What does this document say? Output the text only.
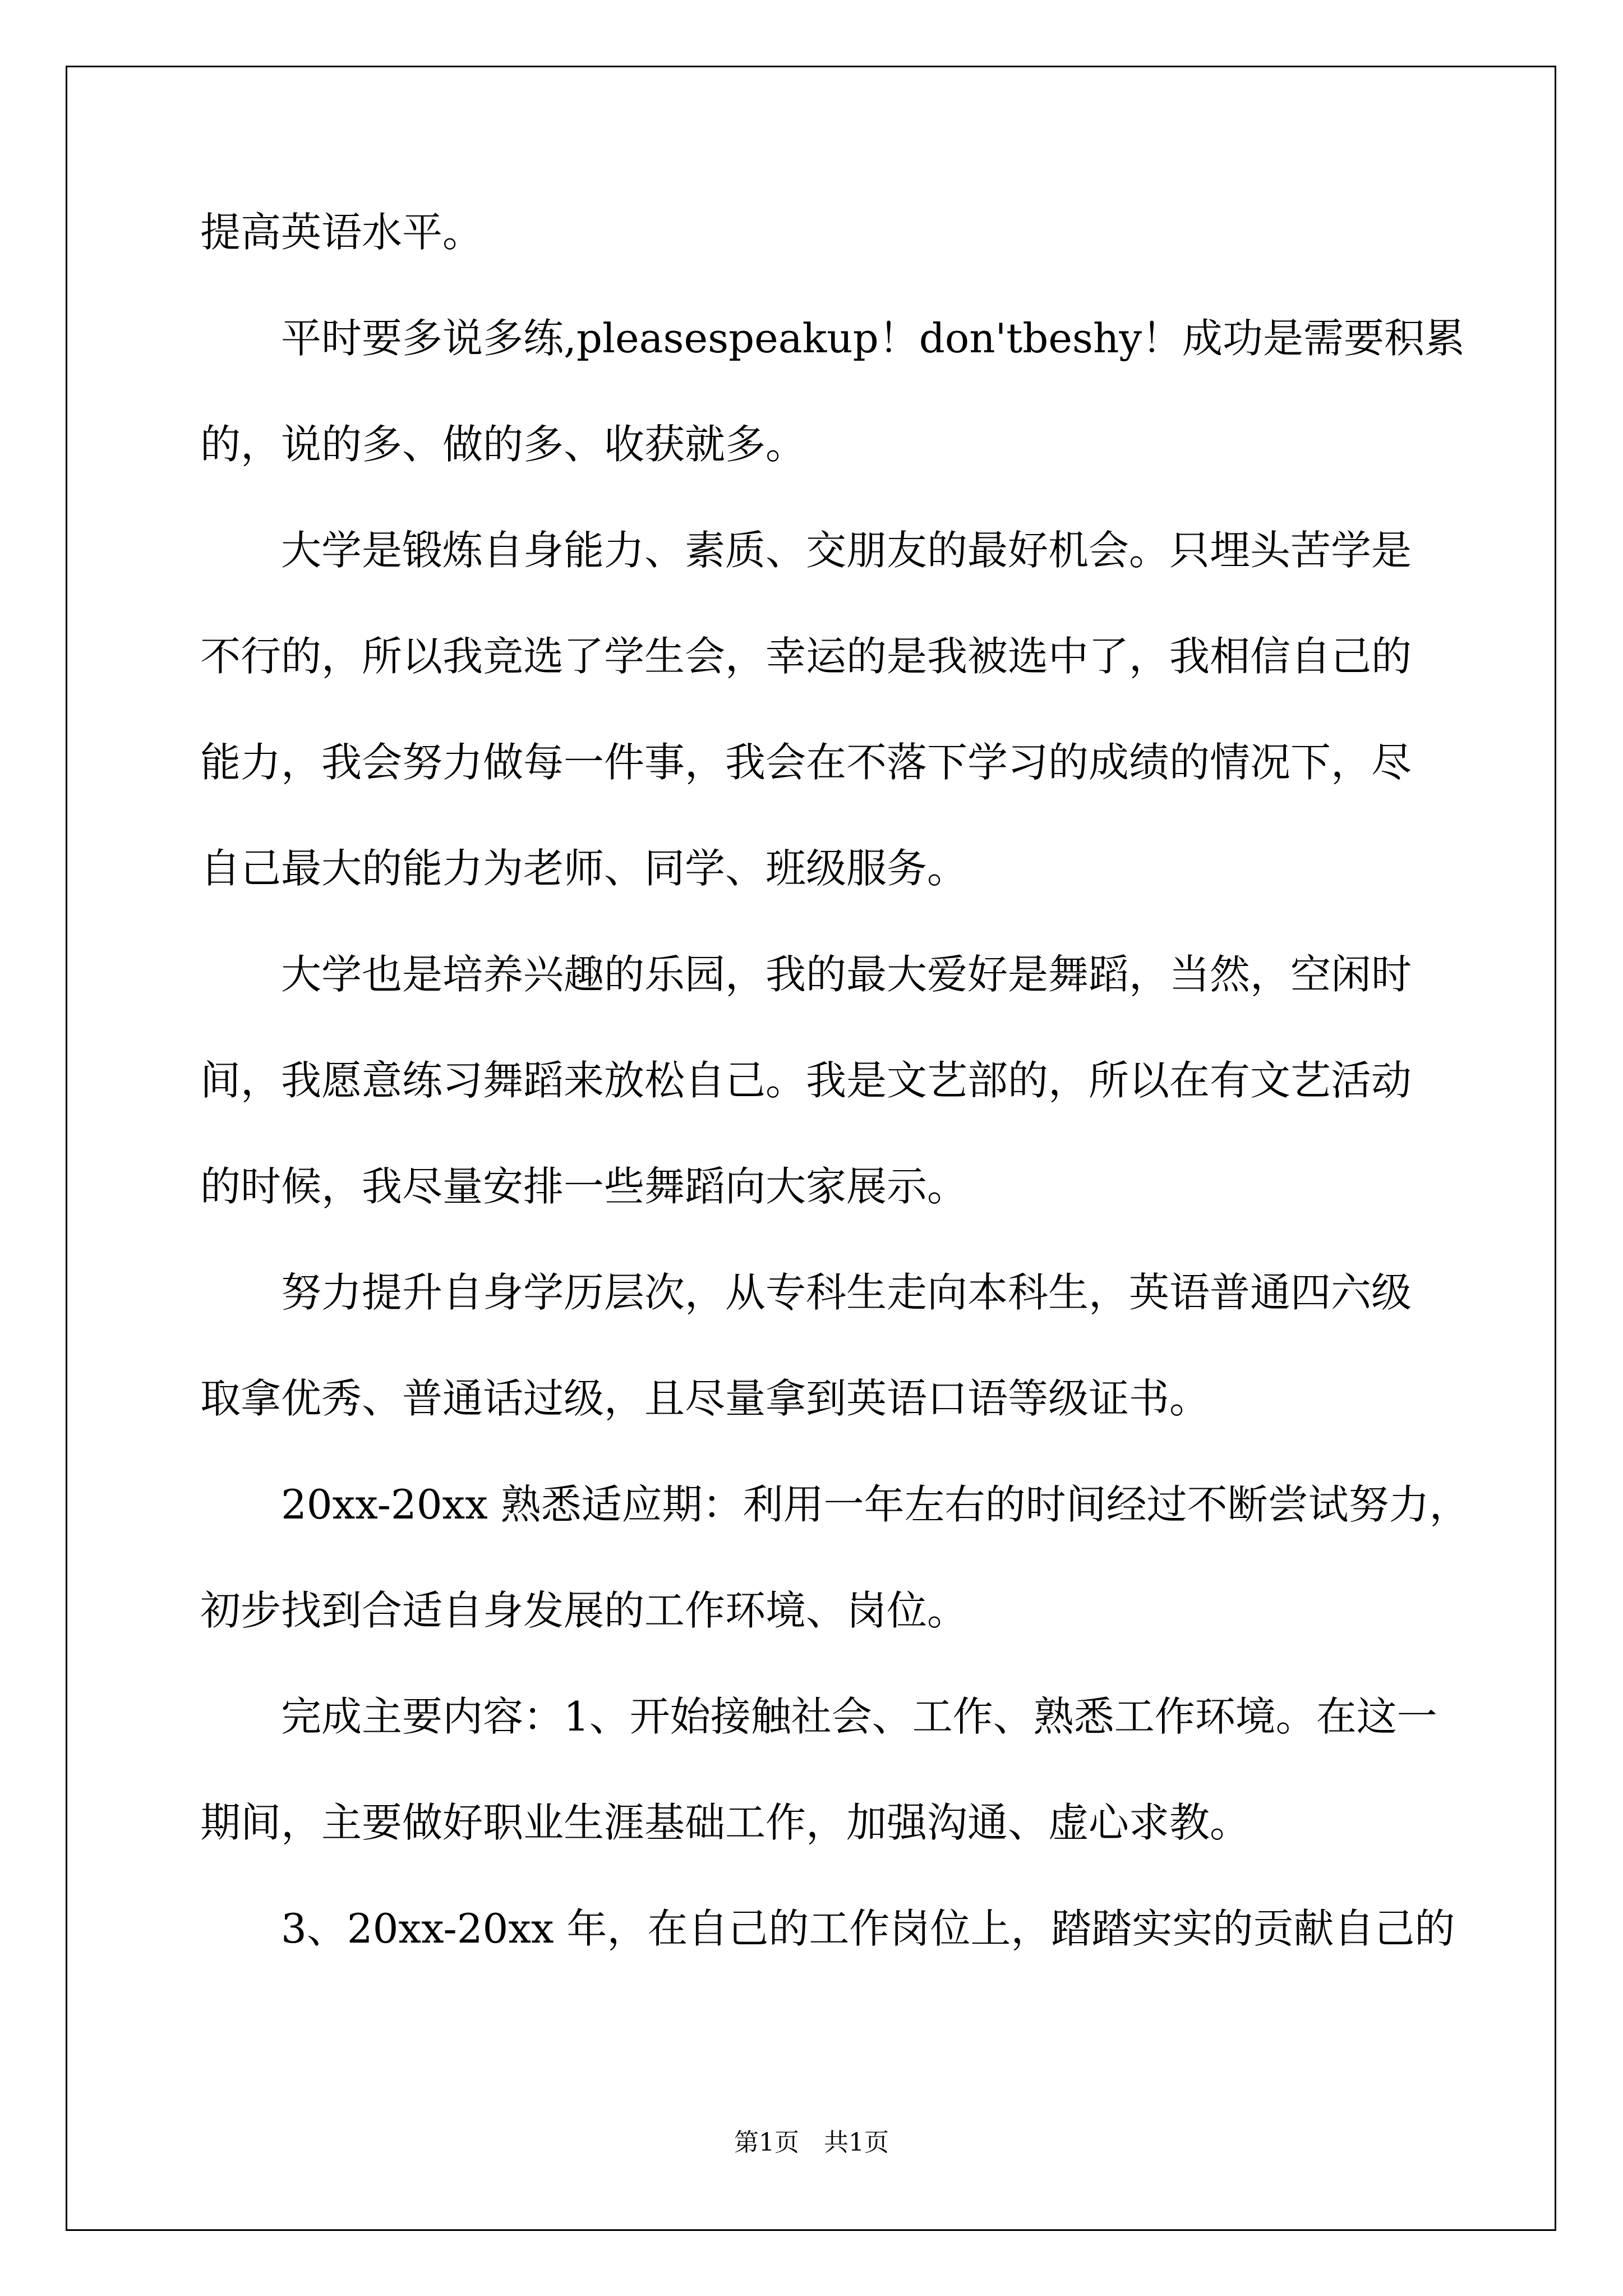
提高英语水平。
平时要多说多练,pleasespeakup！don'tbeshy！成功是需要积累
的，说的多、做的多、收获就多。
大学是锻炼自身能力、素质、交朋友的最好机会。只埋头苦学是
不行的，所以我竞选了学生会，幸运的是我被选中了，我相信自己的
能力，我会努力做每一件事，我会在不落下学习的成绩的情况下，尽
自己最大的能力为老师、同学、班级服务。
大学也是培养兴趣的乐园，我的最大爱好是舞蹈，当然，空闲时
间，我愿意练习舞蹈来放松自己。我是文艺部的，所以在有文艺活动
的时候，我尽量安排一些舞蹈向大家展示。
努力提升自身学历层次，从专科生走向本科生，英语普通四六级
取拿优秀、普通话过级，且尽量拿到英语口语等级证书。
20xx-20xx 熟悉适应期：利用一年左右的时间经过不断尝试努力，
初步找到合适自身发展的工作环境、岗位。
完成主要内容：1、开始接触社会、工作、熟悉工作环境。在这一
期间，主要做好职业生涯基础工作，加强沟通、虚心求教。
3、20xx-20xx 年，在自己的工作岗位上，踏踏实实的贡献自己的
第1页　共1页
